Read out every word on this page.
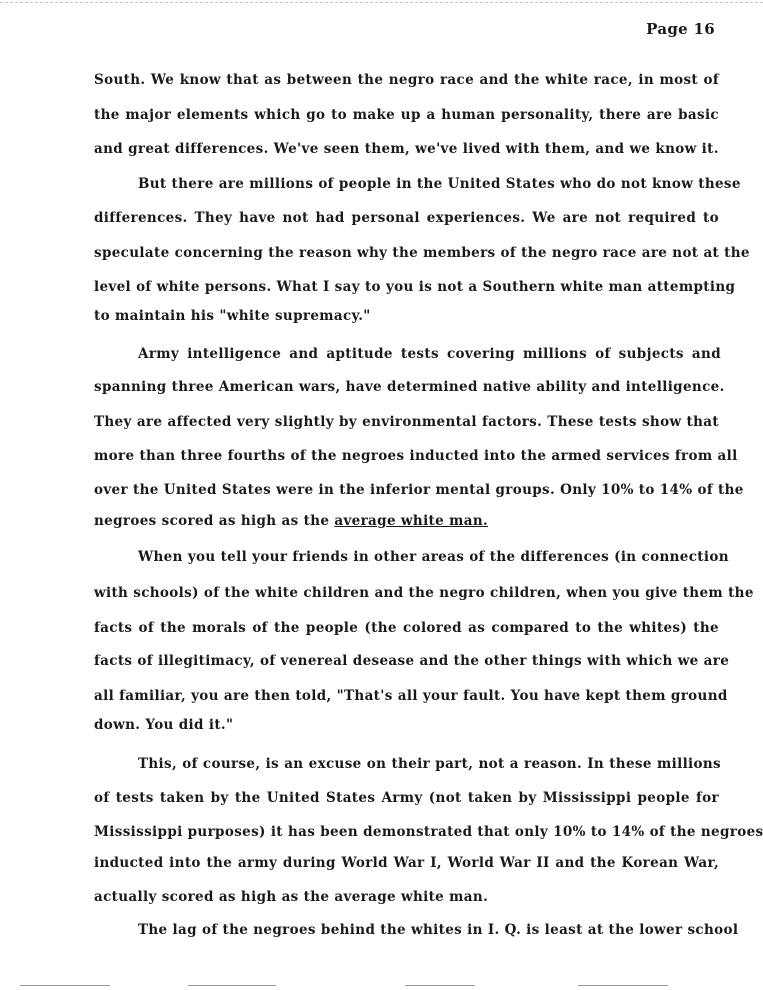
Page 16
South. We know that as between the negro race and the white race, in most of
the major elements which go to make up a human personality, there are basic
and great differences. We've seen them, we've lived with them, and we know it.
But there are millions of people in the United States who do not know these
differences. They have not had personal experiences. We are not required to
speculate concerning the reason why the members of the negro race are not at the
level of white persons. What I say to you is not a Southern white man attempting
to maintain his "white supremacy."
Army intelligence and aptitude tests covering millions of subjects and
spanning three American wars, have determined native ability and intelligence.
They are affected very slightly by environmental factors. These tests show that
more than three fourths of the negroes inducted into the armed services from all
over the United States were in the inferior mental groups. Only 10% to 14% of the
negroes scored as high as the average white man.
When you tell your friends in other areas of the differences (in connection
with schools) of the white children and the negro children, when you give them the
facts of the morals of the people (the colored as compared to the whites) the
facts of illegitimacy, of venereal desease and the other things with which we are
all familiar, you are then told, "That's all your fault. You have kept them ground
down. You did it."
This, of course, is an excuse on their part, not a reason. In these millions
of tests taken by the United States Army (not taken by Mississippi people for
Mississippi purposes) it has been demonstrated that only 10% to 14% of the negroes
inducted into the army during World War I, World War II and the Korean War,
actually scored as high as the average white man.
The lag of the negroes behind the whites in I. Q. is least at the lower school
